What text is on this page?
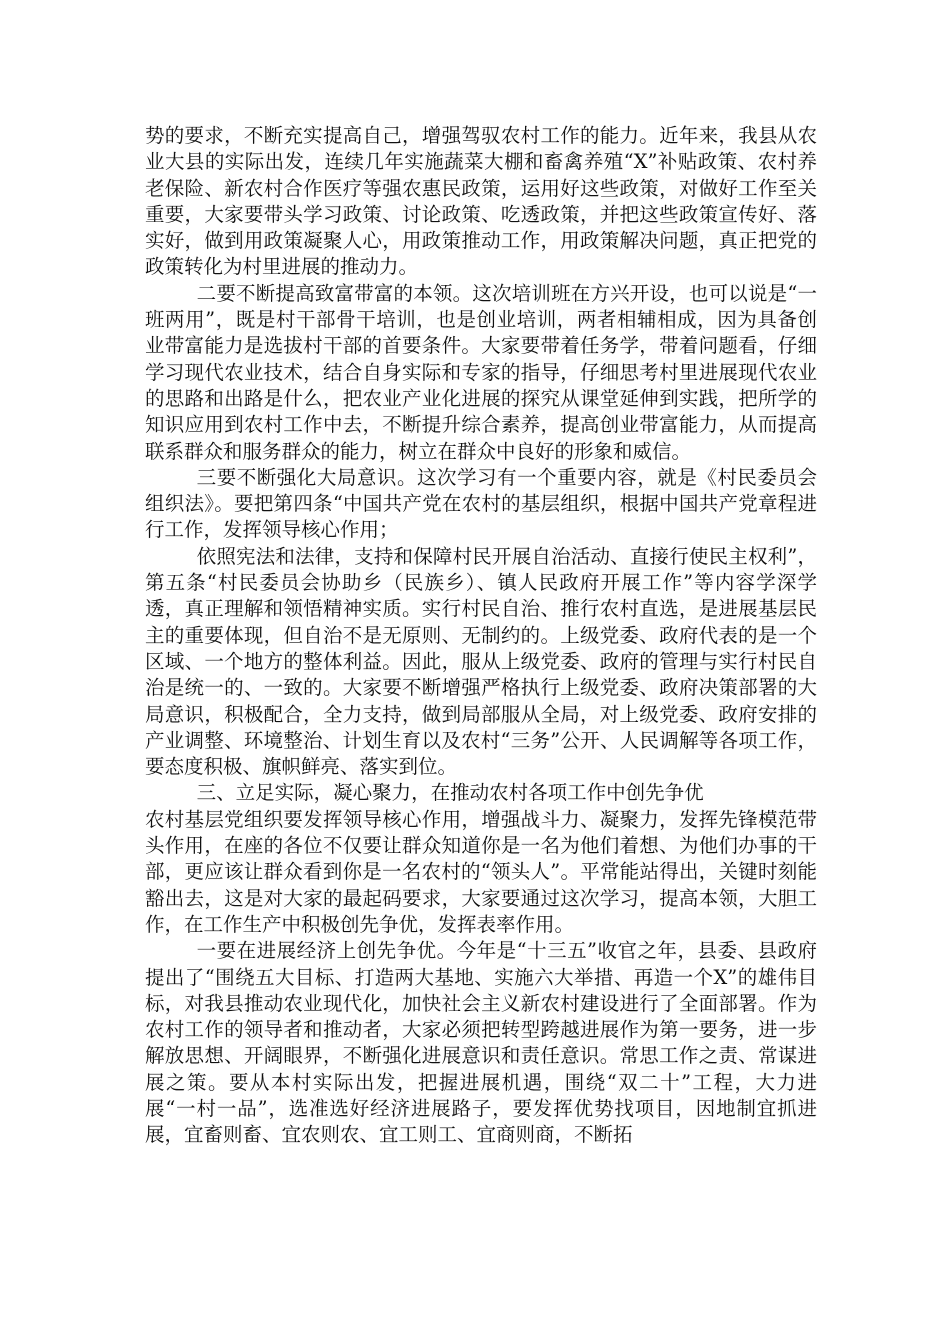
势的要求，不断充实提高自己，增强驾驭农村工作的能力。近年来，我县从农业大县的实际出发，连续几年实施蔬菜大棚和畜禽养殖“X”补贴政策、农村养老保险、新农村合作医疗等强农惠民政策，运用好这些政策，对做好工作至关重要，大家要带头学习政策、讨论政策、吃透政策，并把这些政策宣传好、落实好，做到用政策凝聚人心，用政策推动工作，用政策解决问题，真正把党的政策转化为村里进展的推动力。

二要不断提高致富带富的本领。这次培训班在方兴开设，也可以说是“一班两用”，既是村干部骨干培训，也是创业培训，两者相辅相成，因为具备创业带富能力是选拔村干部的首要条件。大家要带着任务学，带着问题看，仔细学习现代农业技术，结合自身实际和专家的指导，仔细思考村里进展现代农业的思路和出路是什么，把农业产业化进展的探究从课堂延伸到实践，把所学的知识应用到农村工作中去，不断提升综合素养，提高创业带富能力，从而提高联系群众和服务群众的能力，树立在群众中良好的形象和威信。

三要不断强化大局意识。这次学习有一个重要内容，就是《村民委员会组织法》。要把第四条“中国共产党在农村的基层组织，根据中国共产党章程进行工作，发挥领导核心作用；

依照宪法和法律，支持和保障村民开展自治活动、直接行使民主权利”，第五条“村民委员会协助乡（民族乡）、镇人民政府开展工作”等内容学深学透，真正理解和领悟精神实质。实行村民自治、推行农村直选，是进展基层民主的重要体现，但自治不是无原则、无制约的。上级党委、政府代表的是一个区域、一个地方的整体利益。因此，服从上级党委、政府的管理与实行村民自治是统一的、一致的。大家要不断增强严格执行上级党委、政府决策部署的大局意识，积极配合，全力支持，做到局部服从全局，对上级党委、政府安排的产业调整、环境整治、计划生育以及农村“三务”公开、人民调解等各项工作，要态度积极、旗帜鲜亮、落实到位。

三、立足实际，凝心聚力，在推动农村各项工作中创先争优

农村基层党组织要发挥领导核心作用，增强战斗力、凝聚力，发挥先锋模范带头作用，在座的各位不仅要让群众知道你是一名为他们着想、为他们办事的干部，更应该让群众看到你是一名农村的“领头人”。平常能站得出，关键时刻能豁出去，这是对大家的最起码要求，大家要通过这次学习，提高本领，大胆工作，在工作生产中积极创先争优，发挥表率作用。

一要在进展经济上创先争优。今年是“十三五”收官之年，县委、县政府提出了“围绕五大目标、打造两大基地、实施六大举措、再造一个X”的雄伟目标，对我县推动农业现代化，加快社会主义新农村建设进行了全面部署。作为农村工作的领导者和推动者，大家必须把转型跨越进展作为第一要务，进一步解放思想、开阔眼界，不断强化进展意识和责任意识。常思工作之责、常谋进展之策。要从本村实际出发，把握进展机遇，围绕“双二十”工程，大力进展“一村一品”，选准选好经济进展路子，要发挥优势找项目，因地制宜抓进展，宜畜则畜、宜农则农、宜工则工、宜商则商，不断拓
